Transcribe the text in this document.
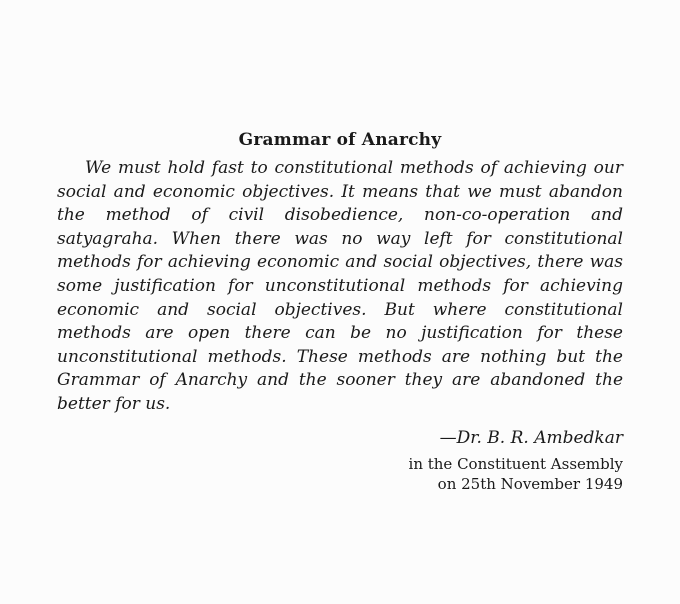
Grammar of Anarchy

We must hold fast to constitutional methods of achieving our social and economic objectives. It means that we must abandon the method of civil disobedience, non-co-operation and satyagraha. When there was no way left for constitutional methods for achieving economic and social objectives, there was some justification for unconstitutional methods for achieving economic and social objectives. But where constitutional methods are open there can be no justification for these unconstitutional methods. These methods are nothing but the Grammar of Anarchy and the sooner they are abandoned the better for us.

—Dr. B. R. Ambedkar

in the Constituent Assembly

on 25th November 1949
